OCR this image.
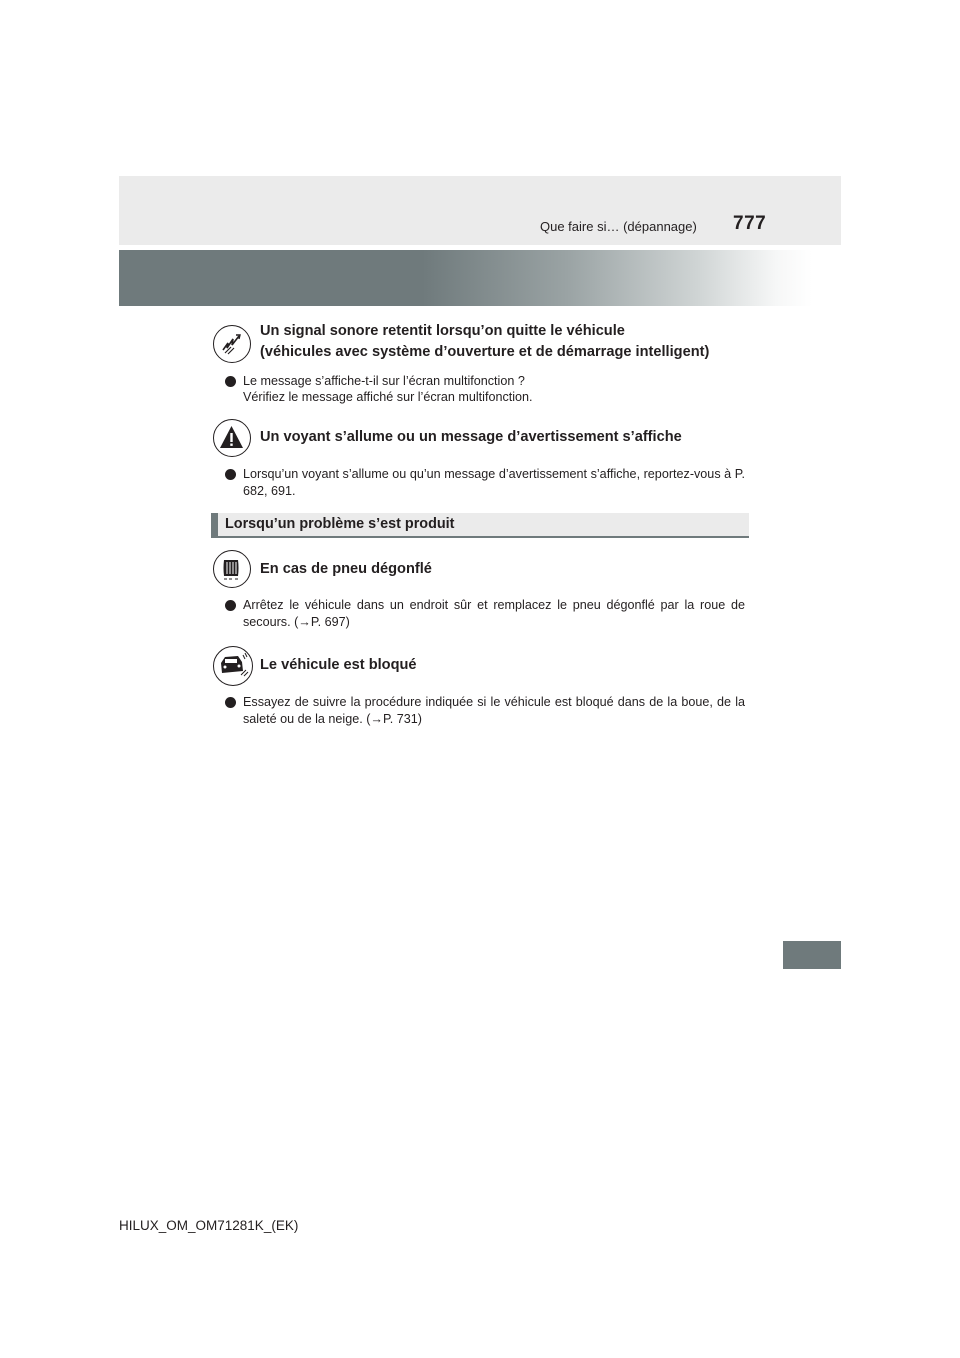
Que faire si… (dépannage) 777
Un signal sonore retentit lorsqu’on quitte le véhicule
(véhicules avec système d’ouverture et de démarrage intelligent)
Le message s’affiche-t-il sur l’écran multifonction ?
Vérifiez le message affiché sur l’écran multifonction.
Un voyant s’allume ou un message d’avertissement s’affiche
Lorsqu’un voyant s’allume ou qu’un message d’avertissement s’affiche, reportez-vous à P. 682, 691.
Lorsqu’un problème s’est produit
En cas de pneu dégonflé
Arrêtez le véhicule dans un endroit sûr et remplacez le pneu dégonflé par la roue de secours. (→P. 697)
Le véhicule est bloqué
Essayez de suivre la procédure indiquée si le véhicule est bloqué dans de la boue, de la saleté ou de la neige. (→P. 731)
HILUX_OM_OM71281K_(EK)
